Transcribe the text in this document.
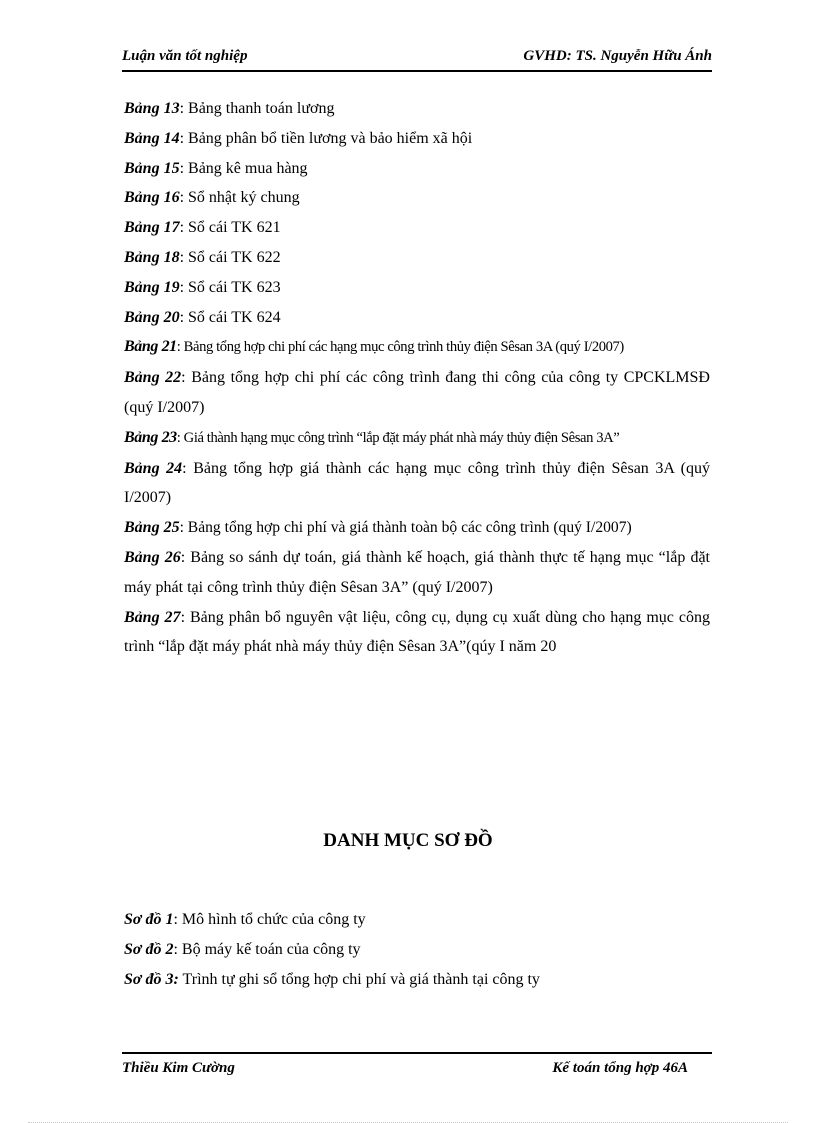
Luận văn tốt nghiệp	GVHD: TS. Nguyễn Hữu Ánh
Bảng 13: Bảng thanh toán lương
Bảng 14: Bảng phân bổ tiền lương và bảo hiểm xã hội
Bảng 15: Bảng kê mua hàng
Bảng 16: Sổ nhật ký chung
Bảng 17: Sổ cái TK 621
Bảng 18: Sổ cái TK 622
Bảng 19: Sổ cái TK 623
Bảng 20: Sổ cái TK 624
Bảng 21: Bảng tổng hợp chi phí các hạng mục công trình thủy điện Sêsan 3A (quý I/2007)
Bảng 22: Bảng tổng hợp chi phí các công trình đang thi công của công ty CPCKLMSĐ (quý I/2007)
Bảng 23: Giá thành hạng mục công trình “lắp đặt máy phát nhà máy thủy điện Sêsan 3A”
Bảng 24: Bảng tổng hợp giá thành các hạng mục công trình thủy điện Sêsan 3A (quý I/2007)
Bảng 25: Bảng tổng hợp chi phí và giá thành toàn bộ các công trình (quý I/2007)
Bảng 26: Bảng so sánh dự toán, giá thành kế hoạch, giá thành thực tế hạng mục “lắp đặt máy phát tại công trình thủy điện Sêsan 3A” (quý I/2007)
Bảng 27: Bảng phân bổ nguyên vật liệu, công cụ, dụng cụ xuất dùng cho hạng mục công trình “lắp đặt máy phát nhà máy thủy điện Sêsan 3A”(qúy I năm 20
DANH MỤC SƠ ĐỒ
Sơ đồ 1: Mô hình tổ chức của công ty
Sơ đồ 2: Bộ máy kế toán của công ty
Sơ đồ 3: Trình tự ghi sổ tổng hợp chi phí và giá thành tại công ty
Thiều Kim Cường	Kế toán tổng hợp 46A
